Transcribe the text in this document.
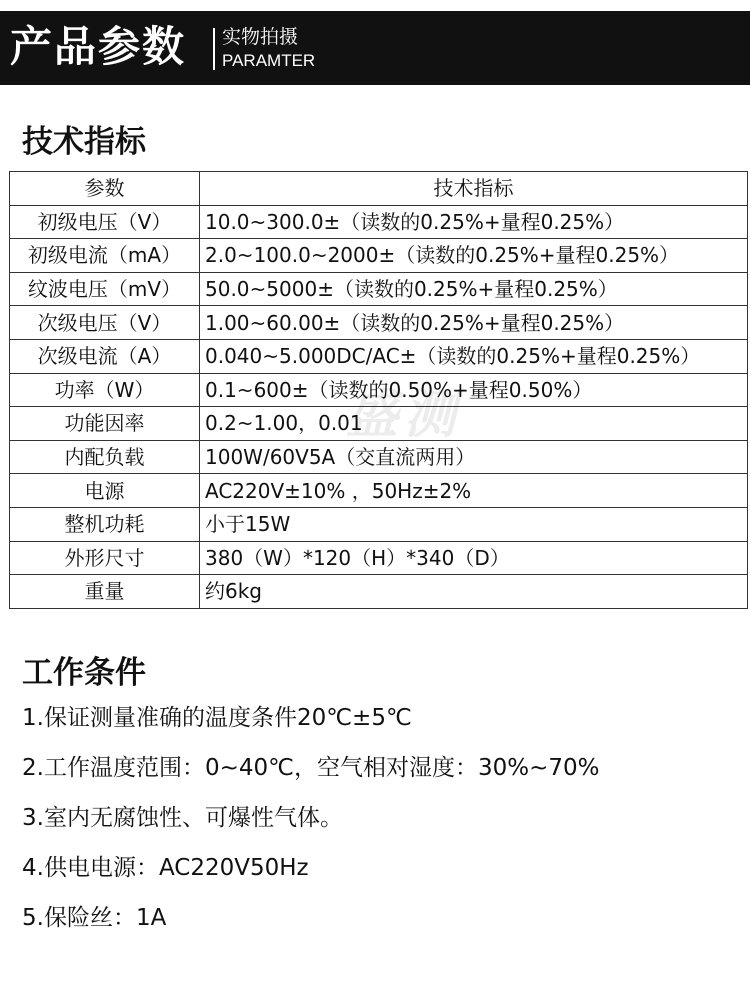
产品参数 实物拍摄
PARAMTER
技术指标
参数	技术指标
初级电压（V）	10.0~300.0±（读数的0.25%+量程0.25%）
初级电流（mA）	2.0~100.0~2000±（读数的0.25%+量程0.25%）
纹波电压（mV）	50.0~5000±（读数的0.25%+量程0.25%）
次级电压（V）	1.00~60.00±（读数的0.25%+量程0.25%）
次级电流（A）	0.040~5.000DC/AC±（读数的0.25%+量程0.25%）
功率（W）	0.1~600±（读数的0.50%+量程0.50%）
功能因率	0.2~1.00，0.01
内配负载	100W/60V5A（交直流两用）
电源	AC220V±10% ，50Hz±2%
整机功耗	小于15W
外形尺寸	380（W）*120（H）*340（D）
重量	约6kg
盛测
工作条件
1.保证测量准确的温度条件20℃±5℃
2.工作温度范围：0~40℃，空气相对湿度：30%~70%
3.室内无腐蚀性、可爆性气体。
4.供电电源：AC220V50Hz
5.保险丝：1A
